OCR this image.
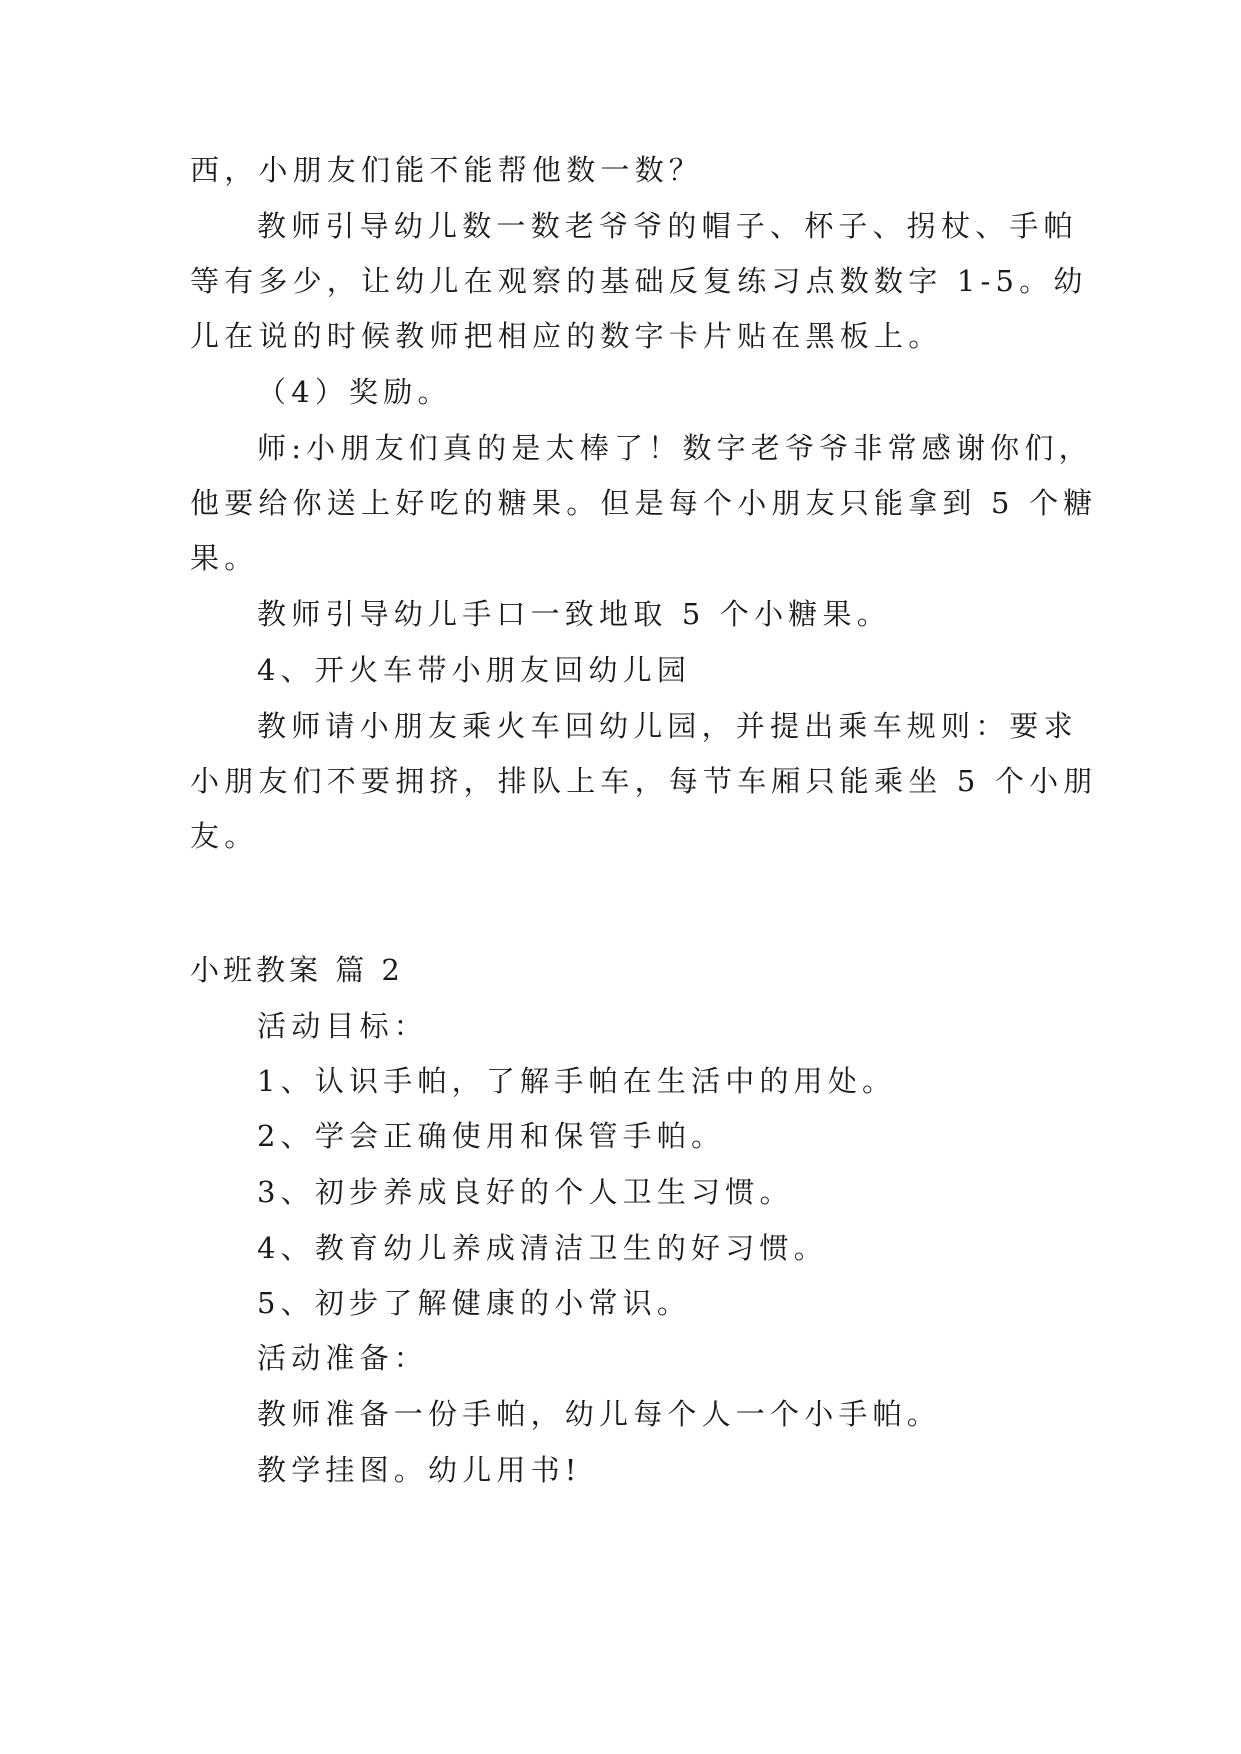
西，小朋友们能不能帮他数一数？

教师引导幼儿数一数老爷爷的帽子、杯子、拐杖、手帕

等有多少，让幼儿在观察的基础反复练习点数数字 1-5。幼

儿在说的时候教师把相应的数字卡片贴在黑板上。

（4）奖励。

师:小朋友们真的是太棒了！数字老爷爷非常感谢你们，

他要给你送上好吃的糖果。但是每个小朋友只能拿到 5 个糖

果。

教师引导幼儿手口一致地取 5 个小糖果。

4、开火车带小朋友回幼儿园

教师请小朋友乘火车回幼儿园，并提出乘车规则：要求

小朋友们不要拥挤，排队上车，每节车厢只能乘坐 5 个小朋

友。

小班教案 篇 2

活动目标：

1、认识手帕，了解手帕在生活中的用处。

2、学会正确使用和保管手帕。

3、初步养成良好的个人卫生习惯。

4、教育幼儿养成清洁卫生的好习惯。

5、初步了解健康的小常识。

活动准备：

教师准备一份手帕，幼儿每个人一个小手帕。

教学挂图。幼儿用书!
